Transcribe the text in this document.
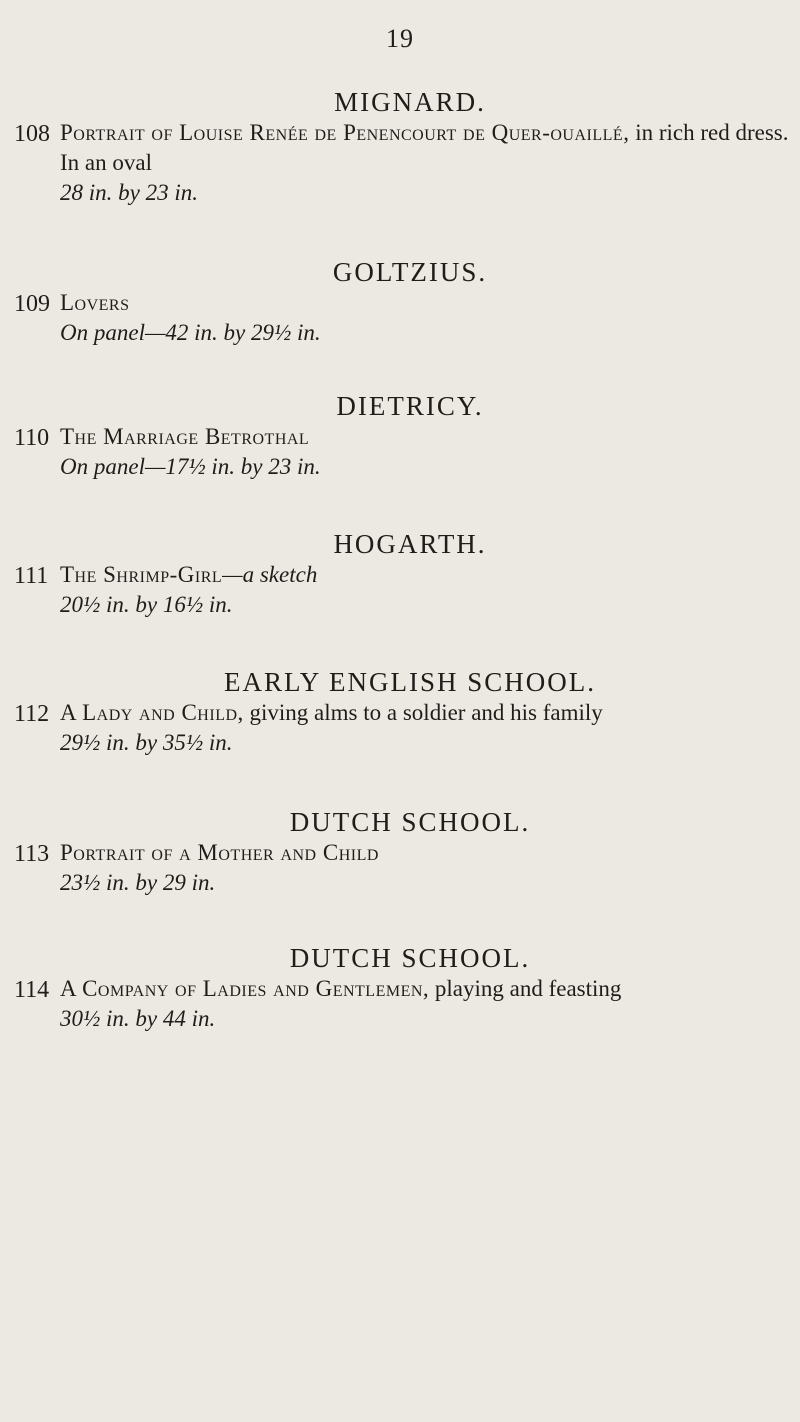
19
MIGNARD.
108 Portrait of Louise Renée de Penencourt de Quer-ouaillé, in rich red dress. In an oval
28 in. by 23 in.
GOLTZIUS.
109 Lovers
On panel—42 in. by 29½ in.
DIETRICY.
110 The Marriage Betrothal
On panel—17½ in. by 23 in.
HOGARTH.
111 The Shrimp-Girl—a sketch
20½ in. by 16½ in.
EARLY ENGLISH SCHOOL.
112 A Lady and Child, giving alms to a soldier and his family
29½ in. by 35½ in.
DUTCH SCHOOL.
113 Portrait of a Mother and Child
23½ in. by 29 in.
DUTCH SCHOOL.
114 A Company of Ladies and Gentlemen, playing and feasting
30½ in. by 44 in.
